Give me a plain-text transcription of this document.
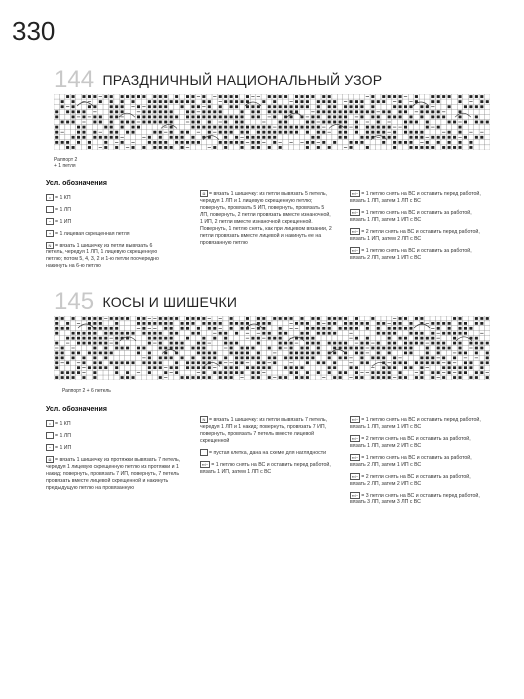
330
144 ПРАЗДНИЧНЫЙ НАЦИОНАЛЬНЫЙ УЗОР
Раппорт 2
+ 1 петля
Усл. обозначения
•= 1 КП
= 1 ЛП
−= 1 ИП
+ = 1 лицевая скрещенная петля
N = вязать 1 шишечку из петли вывязать 6 петель, чередуя 1 ЛП, 1 лицевую скрещенную петлю; потом 5, 4, 3, 2 и 1-ю петли поочередно накинуть на 6-ю петлю
◘ = вязать 1 шишечку: из петли вывязать 5 петель, чередуя 1 ЛП и 1 лицевую скрещенную петлю; повернуть, провязать 5 ИП, повернуть, провязать 5 ЛП, повернуть, 2 петли провязать вместе изнаночной, 1 ИП, 2 петли вместе изнаночной скрещенной. Повернуть, 1 петлю снять, как при лицевом вязании, 2 петли провязать вместе лицевой и накинуть ее на провязанную петлю
▪▪/− = 1 петлю снять на ВС и оставить перед работой, вязать 1 ЛП, затем 1 ЛП с ВС
▪▪/− = 1 петлю снять на ВС и оставить за работой, вязать 1 ЛП, затем 1 ИП с ВС
▪▪/− = 2 петли снять на ВС и оставить перед работой, вязать 1 ИП, затем 2 ЛП с ВС
▪▪/− = 1 петлю снять на ВС и оставить за работой, вязать 2 ЛП, затем 1 ИП с ВС
145 КОСЫ И ШИШЕЧКИ
Раппорт 2 + 6 петель
Усл. обозначения
•= 1 КП
= 1 ЛП
−= 1 ИП
◘ = вязать 1 шишечку из протяжки вывязать 7 петель, чередуя 1 лицевую скрещенную петлю из протяжки и 1 накид; повернуть, провязать 7 ИП, повернуть, 7 петель провязать вместе лицевой скрещенной и накинуть предыдущую петлю на провязанную
N = вязать 1 шишечку: из петли вывязать 7 петель, чередуя 1 ЛП и 1 накид; повернуть, провязать 7 ИП, повернуть, провязать 7 петель вместе лицевой скрещенной
= пустая клетка, дана на схеме для наглядности
▪▪/− = 1 петлю снять на ВС и оставить перед работой, вязать 1 ИП, затем 1 ЛП с ВС
▪▪/− = 1 петлю снять на ВС и оставить перед работой, вязать 1 ЛП, затем 1 ИП с ВС
▪▪/− = 2 петли снять на ВС и оставить за работой, вязать 1 ЛП, затем 2 ИП с ВС
▪▪/− = 1 петлю снять на ВС и оставить за работой, вязать 2 ЛП, затем 1 ИП с ВС
▪▪/− = 2 петли снять на ВС и оставить за работой, вязать 2 ЛП, затем 2 ИП с ВС
▪▪/− = 3 петли снять на ВС и оставить перед работой, вязать 3 ЛП, затем 3 ЛП с ВС
